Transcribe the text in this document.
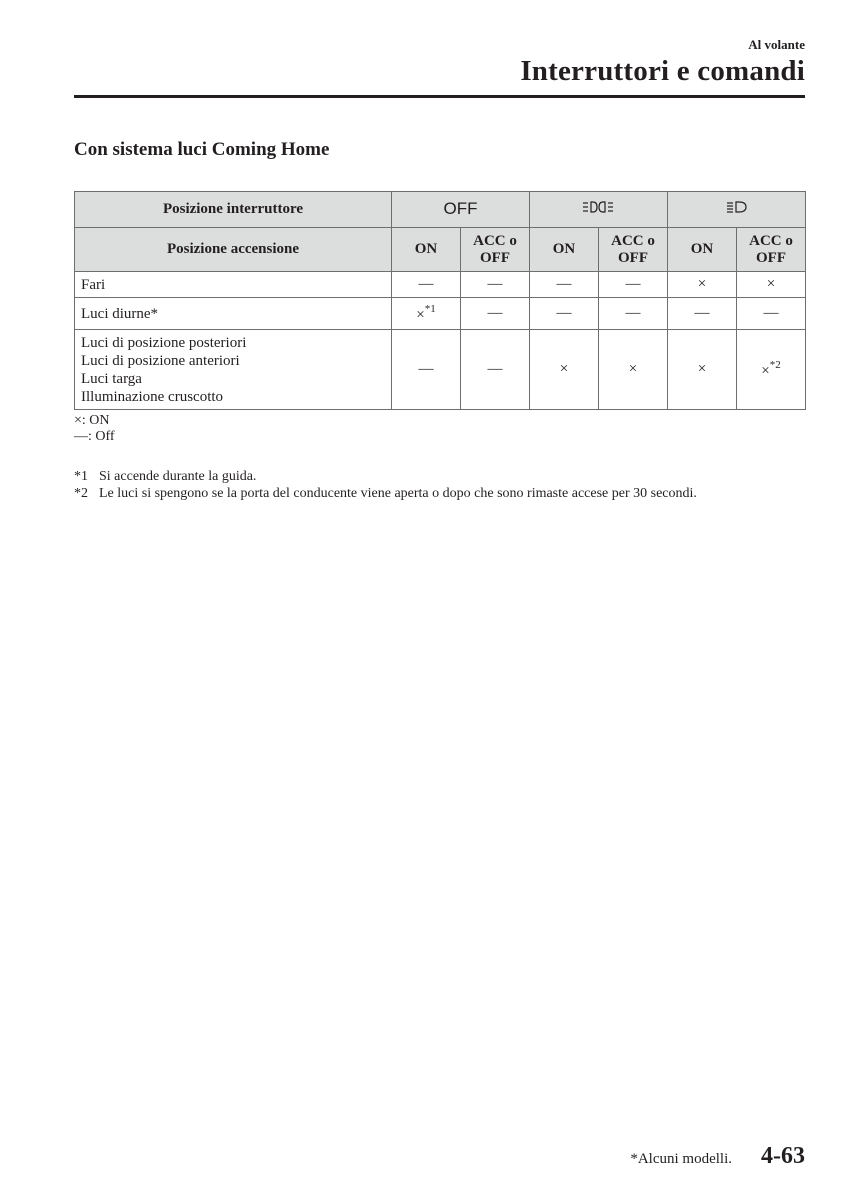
Al volante
Interruttori e comandi
Con sistema luci Coming Home
Posizione interruttore	OFF		
Posizione accensione	ON	ACC o OFF	ON	ACC o OFF	ON	ACC o OFF
Fari	—	—	—	—	×	×
Luci diurne*	×$^{*1}$	—	—	—	—	—

Luci di posizione posteriori
Luci di posizione anteriori
Luci targa
Illuminazione cruscotto	—	—	×	×	×	×$^{*2}$
×: ON
—: Off
*1 Si accende durante la guida.
*2 Le luci si spengono se la porta del conducente viene aperta o dopo che sono rimaste accese per 30 secondi.
*Alcuni modelli. 4-63
